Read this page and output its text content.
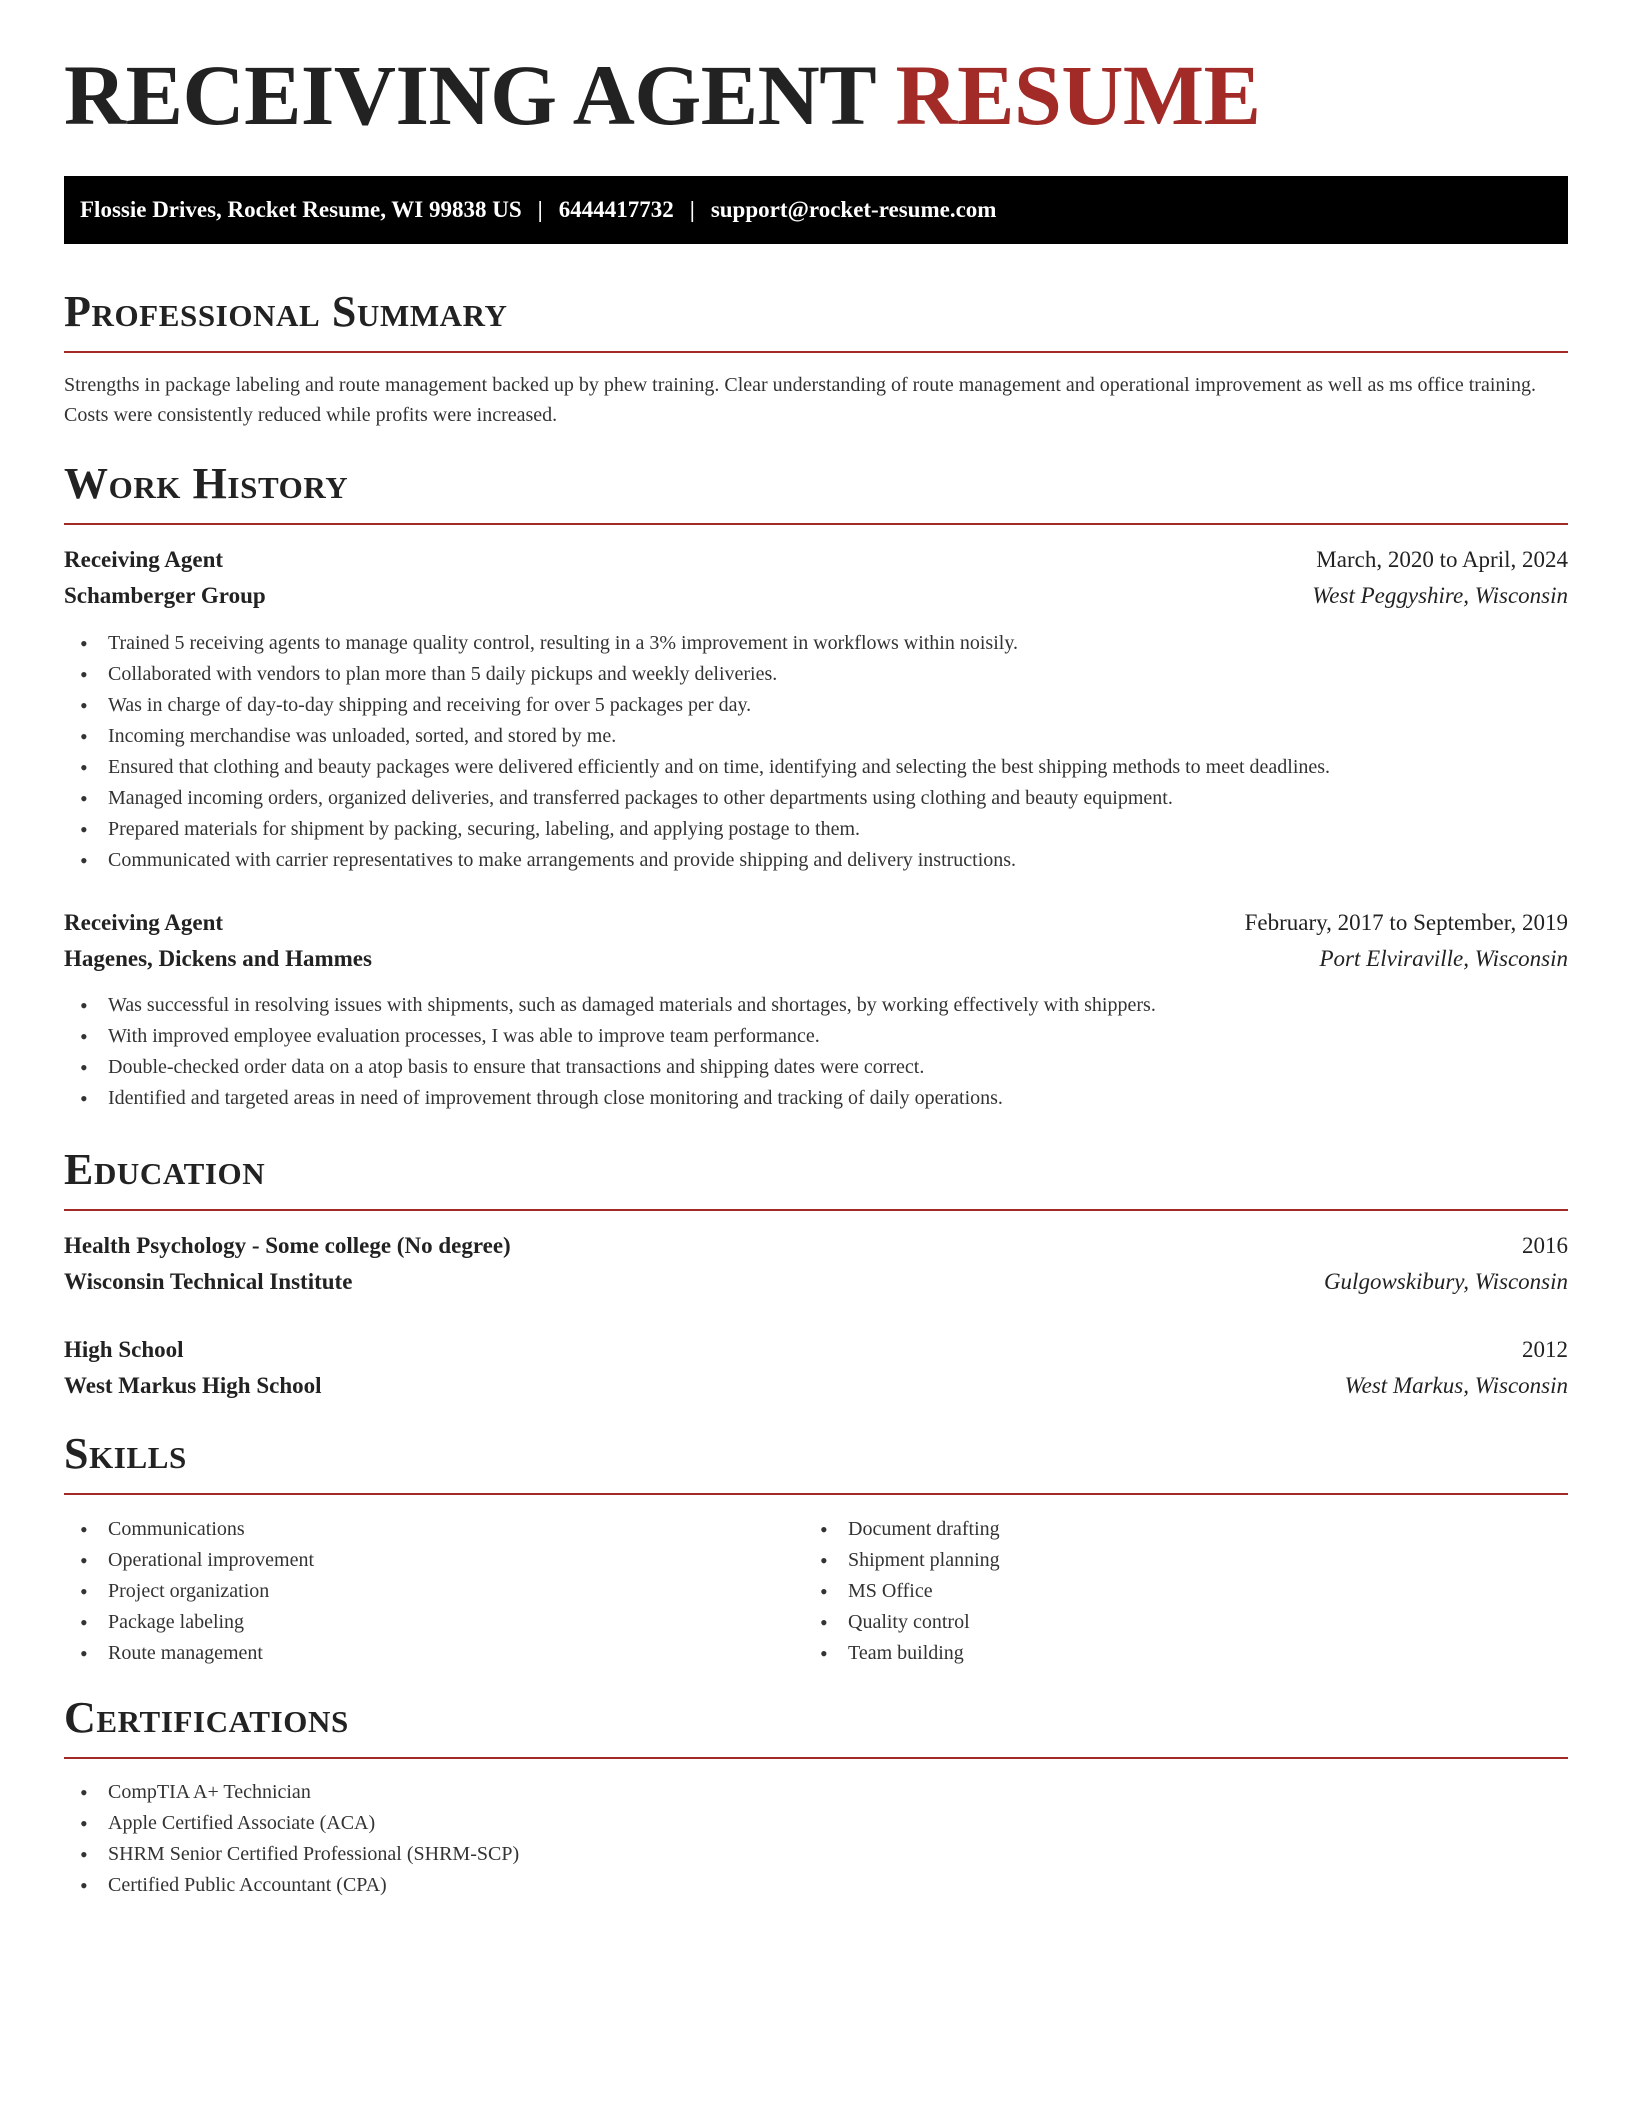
RECEIVING AGENT RESUME
Flossie Drives, Rocket Resume, WI 99838 US | 6444417732 | support@rocket-resume.com
Professional Summary

Strengths in package labeling and route management backed up by phew training. Clear understanding of route management and operational improvement as well as ms office training. Costs were consistently reduced while profits were increased.

Work History
Receiving Agent	March, 2020 to April, 2024
Schamberger Group	West Peggyshire, Wisconsin
• Trained 5 receiving agents to manage quality control, resulting in a 3% improvement in workflows within noisily.
• Collaborated with vendors to plan more than 5 daily pickups and weekly deliveries.
• Was in charge of day-to-day shipping and receiving for over 5 packages per day.
• Incoming merchandise was unloaded, sorted, and stored by me.
• Ensured that clothing and beauty packages were delivered efficiently and on time, identifying and selecting the best shipping methods to meet deadlines.
• Managed incoming orders, organized deliveries, and transferred packages to other departments using clothing and beauty equipment.
• Prepared materials for shipment by packing, securing, labeling, and applying postage to them.
• Communicated with carrier representatives to make arrangements and provide shipping and delivery instructions.
Receiving Agent	February, 2017 to September, 2019
Hagenes, Dickens and Hammes	Port Elviraville, Wisconsin
• Was successful in resolving issues with shipments, such as damaged materials and shortages, by working effectively with shippers.
• With improved employee evaluation processes, I was able to improve team performance.
• Double-checked order data on a atop basis to ensure that transactions and shipping dates were correct.
• Identified and targeted areas in need of improvement through close monitoring and tracking of daily operations.
Education
Health Psychology - Some college (No degree)	2016
Wisconsin Technical Institute	Gulgowskibury, Wisconsin
High School	2012
West Markus High School	West Markus, Wisconsin
Skills
• Communications
• Operational improvement
• Project organization
• Package labeling
• Route management
• Document drafting
• Shipment planning
• MS Office
• Quality control
• Team building
Certifications
• CompTIA A+ Technician
• Apple Certified Associate (ACA)
• SHRM Senior Certified Professional (SHRM-SCP)
• Certified Public Accountant (CPA)
